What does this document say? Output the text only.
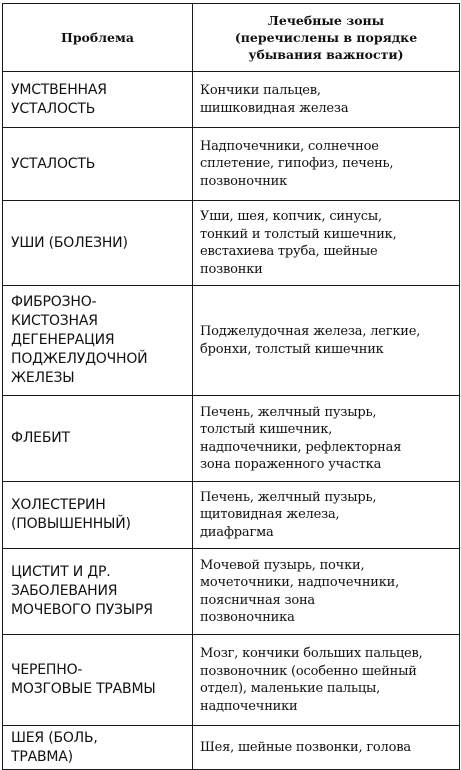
Проблема	Лечебные зоны
(перечислены в порядке
убывания важности)

УМСТВЕННАЯ
УСТАЛОСТЬ	Кончики пальцев,
шишковидная железа

УСТАЛОСТЬ	Надпочечники, солнечное
сплетение, гипофиз, печень,
позвоночник

УШИ (БОЛЕЗНИ)	Уши, шея, копчик, синусы,
тонкий и толстый кишечник,
евстахиева труба, шейные
позвонки

ФИБРОЗНО-
КИСТОЗНАЯ
ДЕГЕНЕРАЦИЯ
ПОДЖЕЛУДОЧНОЙ
ЖЕЛЕЗЫ	Поджелудочная железа, легкие,
бронхи, толстый кишечник

ФЛЕБИТ	Печень, желчный пузырь,
толстый кишечник,
надпочечники, рефлекторная
зона пораженного участка

ХОЛЕСТЕРИН
(ПОВЫШЕННЫЙ)	Печень, желчный пузырь,
щитовидная железа,
диафрагма

ЦИСТИТ И ДР.
ЗАБОЛЕВАНИЯ
МОЧЕВОГО ПУЗЫРЯ	Мочевой пузырь, почки,
мочеточники, надпочечники,
поясничная зона
позвоночника

ЧЕРЕПНО-
МОЗГОВЫЕ ТРАВМЫ	Мозг, кончики больших пальцев,
позвоночник (особенно шейный
отдел), маленькие пальцы,
надпочечники

ШЕЯ (БОЛЬ,
ТРАВМА)	Шея, шейные позвонки, голова
